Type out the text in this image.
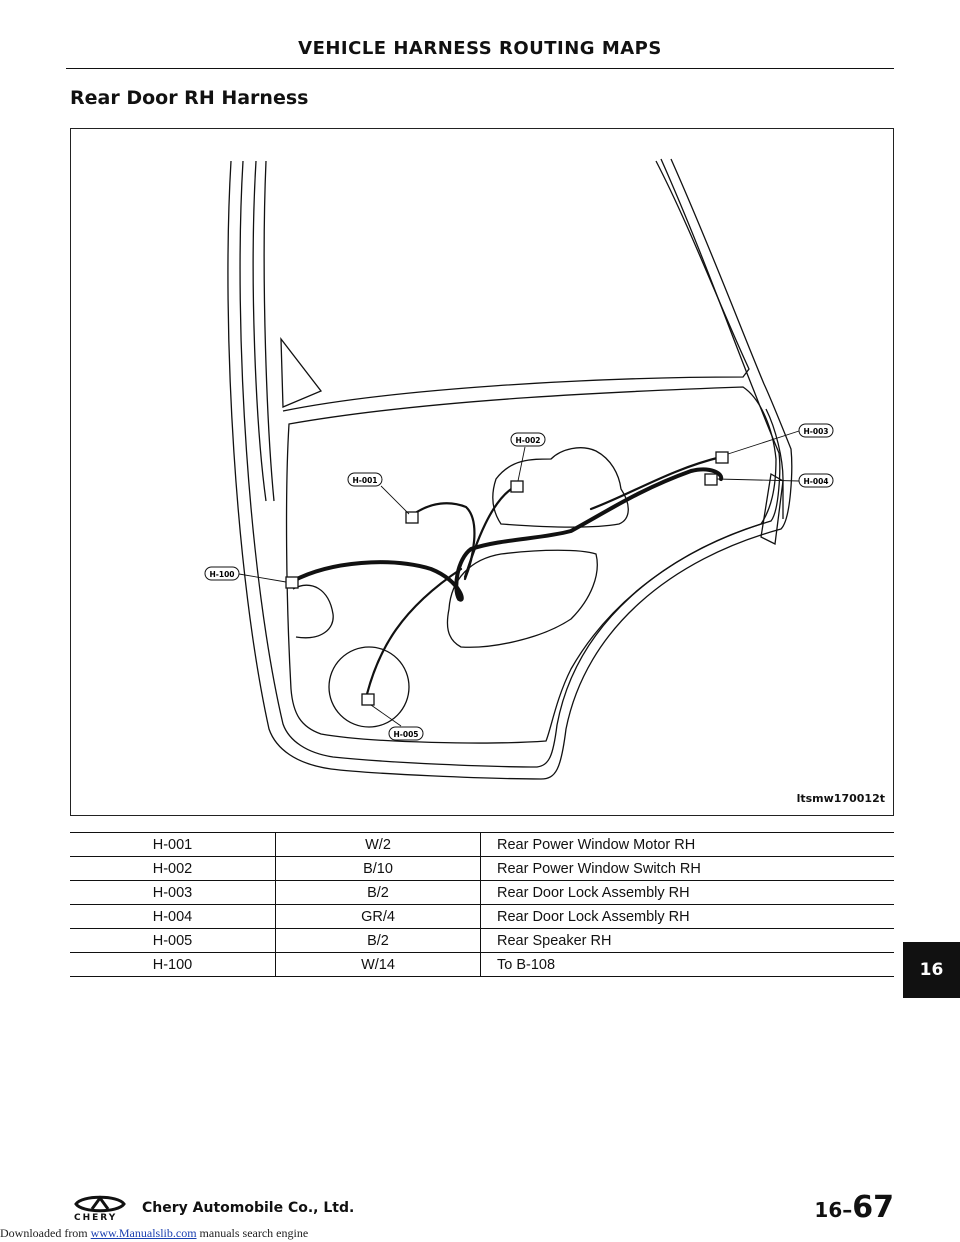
VEHICLE HARNESS ROUTING MAPS
Rear Door RH Harness
H-001
H-002
H-003
H-004
H-005
H-100
ltsmw170012t
H-001	W/2	Rear Power Window Motor RH
H-002	B/10	Rear Power Window Switch RH
H-003	B/2	Rear Door Lock Assembly RH
H-004	GR/4	Rear Door Lock Assembly RH
H-005	B/2	Rear Speaker RH
H-100	W/14	To B-108	16
CHERY
Chery Automobile Co., Ltd.	16–67
Downloaded from www.Manualslib.com manuals search engine
